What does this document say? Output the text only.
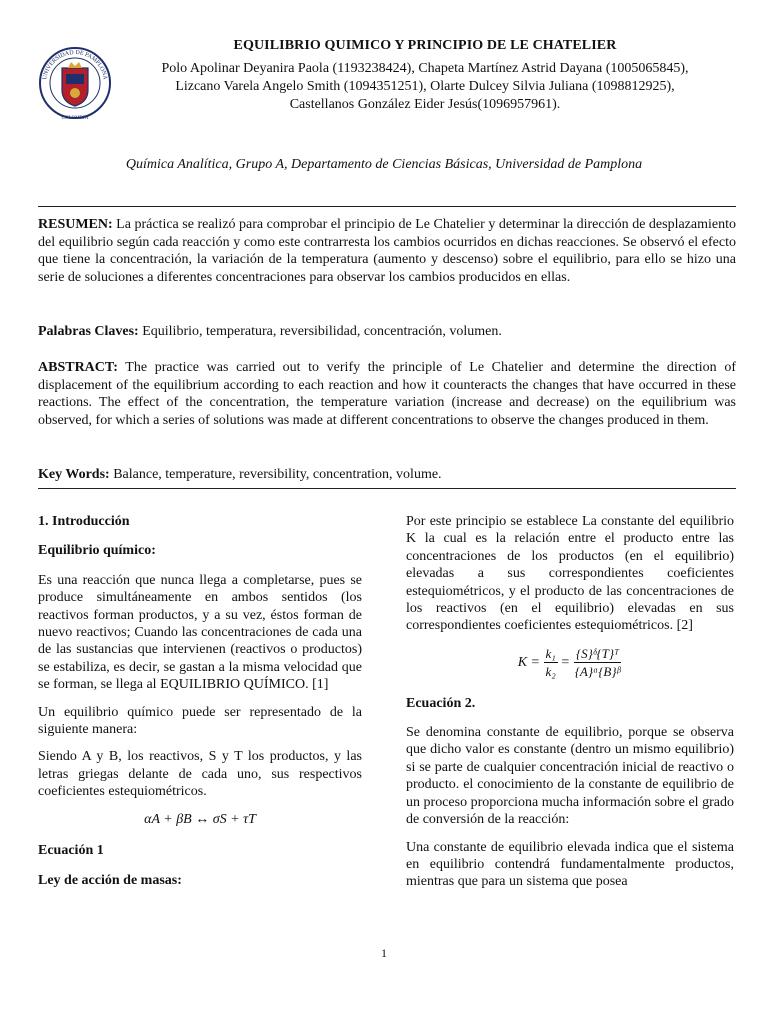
UNIVERSIDAD DE PAMPLONA
COLOMBIA
EQUILIBRIO QUIMICO Y PRINCIPIO DE LE CHATELIER
Polo Apolinar Deyanira Paola (1193238424), Chapeta Martínez Astrid Dayana (1005065845),
Lizcano Varela Angelo Smith (1094351251), Olarte Dulcey Silvia Juliana (1098812925),
Castellanos González Eider Jesús(1096957961).
Química Analítica, Grupo A, Departamento de Ciencias Básicas, Universidad de Pamplona
RESUMEN: La práctica se realizó para comprobar el principio de Le Chatelier y determinar la dirección de desplazamiento del equilibrio según cada reacción y como este contrarresta los cambios ocurridos en dichas reacciones. Se observó el efecto que tiene la concentración, la variación de la temperatura (aumento y descenso) sobre el equilibrio, para ello se hizo una serie de soluciones a diferentes concentraciones para observar los cambios producidos en ellas.
Palabras Claves: Equilibrio, temperatura, reversibilidad, concentración, volumen.
ABSTRACT: The practice was carried out to verify the principle of Le Chatelier and determine the direction of displacement of the equilibrium according to each reaction and how it counteracts the changes that have occurred in these reactions. The effect of the concentration, the temperature variation (increase and decrease) on the equilibrium was observed, for which a series of solutions was made at different concentrations to observe the changes produced in them.
Key Words: Balance, temperature, reversibility, concentration, volume.
1. Introducción
Equilibrio químico:

Es una reacción que nunca llega a completarse, pues se produce simultáneamente en ambos sentidos (los reactivos forman productos, y a su vez, éstos forman de nuevo reactivos; Cuando las concentraciones de cada una de las sustancias que intervienen (reactivos o productos) se estabiliza, es decir, se gastan a la misma velocidad que se forman, se llega al EQUILIBRIO QUÍMICO. [1]

Un equilibrio químico puede ser representado de la siguiente manera:

Siendo A y B, los reactivos, S y T los productos, y las letras griegas delante de cada uno, sus respectivos coeficientes estequiométricos.

αA + βB ↔ σS + τT
Ecuación 1
Ley de acción de masas:

Por este principio se establece La constante del equilibrio K la cual es la relación entre el producto entre las concentraciones de los productos (en el equilibrio) elevadas a sus correspondientes coeficientes estequiométricos, y el producto de las concentraciones de los reactivos (en el equilibrio) elevadas en sus correspondientes coeficientes estequiométricos. [2]

$K = \frac{\text{k₁}}{\text{k₂}} = \frac{\text{\{S\}ᵟ\{T\}ᵀ}}{\text{\{A\}ᵅ\{B\}ᵝ}}$
Ecuación 2.

Se denomina constante de equilibrio, porque se observa que dicho valor es constante (dentro un mismo equilibrio) si se parte de cualquier concentración inicial de reactivo o producto. el conocimiento de la constante de equilibrio de un proceso proporciona mucha información sobre el grado de conversión de la reacción:

Una constante de equilibrio elevada indica que el sistema en equilibrio contendrá fundamentalmente productos, mientras que para un sistema que posea

1
